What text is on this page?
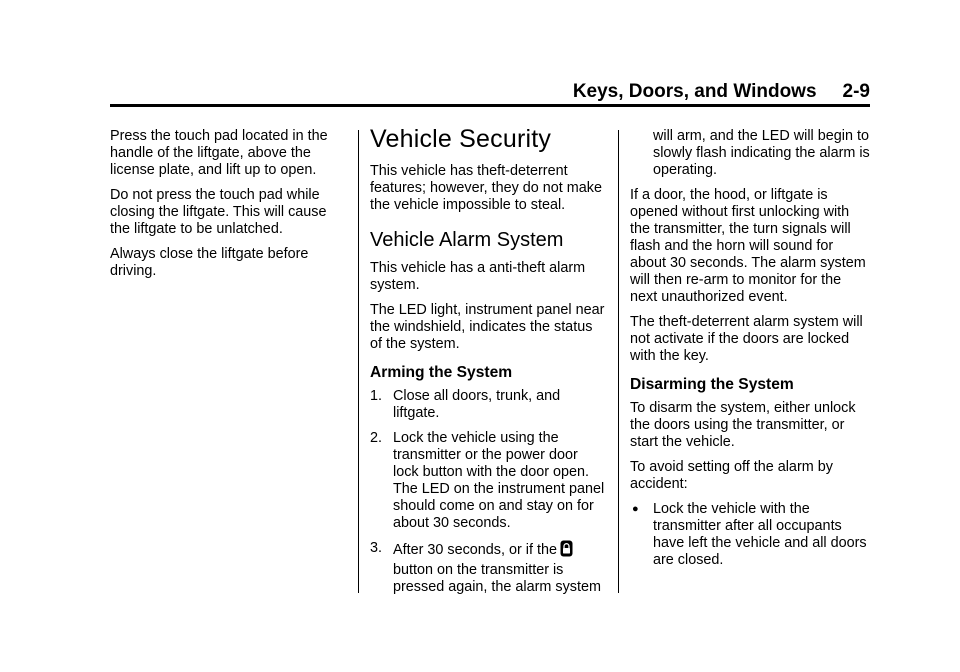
Keys, Doors, and Windows 2-9

Press the touch pad located in the handle of the liftgate, above the license plate, and lift up to open.

Do not press the touch pad while closing the liftgate. This will cause the liftgate to be unlatched.

Always close the liftgate before driving.

Vehicle Security

This vehicle has theft-deterrent features; however, they do not make the vehicle impossible to steal.

Vehicle Alarm System

This vehicle has a anti-theft alarm system.

The LED light, instrument panel near the windshield, indicates the status of the system.

Arming the System
1. Close all doors, trunk, and liftgate.
2. Lock the vehicle using the transmitter or the power door lock button with the door open. The LED on the instrument panel should come on and stay on for about 30 seconds.
3. After 30 seconds, or if the
button on the transmitter is pressed again, the alarm system

will arm, and the LED will begin to slowly flash indicating the alarm is operating.

If a door, the hood, or liftgate is opened without first unlocking with the transmitter, the turn signals will flash and the horn will sound for about 30 seconds. The alarm system will then re-arm to monitor for the next unauthorized event.

The theft-deterrent alarm system will not activate if the doors are locked with the key.

Disarming the System

To disarm the system, either unlock the doors using the transmitter, or start the vehicle.

To avoid setting off the alarm by accident:

● Lock the vehicle with the transmitter after all occupants have left the vehicle and all doors are closed.
